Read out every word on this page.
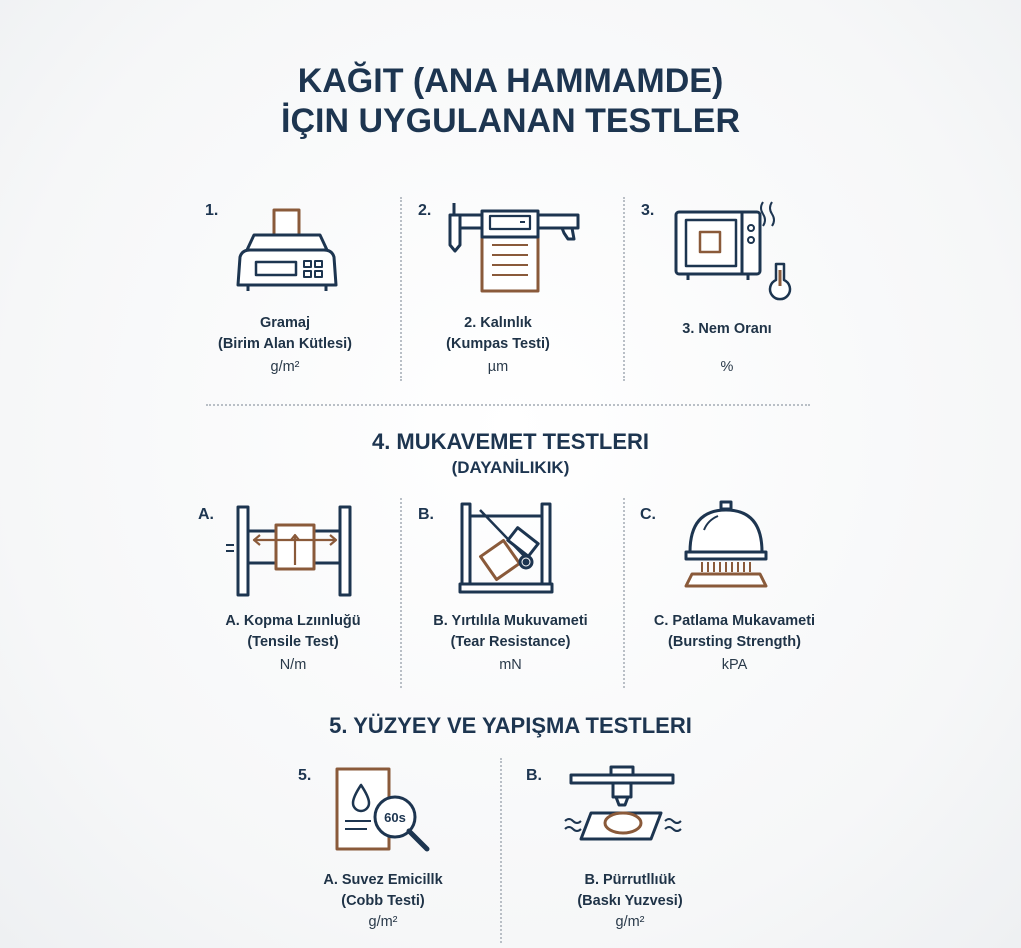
KAĞIT (ANA HAMMAMDE)
İÇIN UYGULANAN TESTLER
1.
Gramaj
(Birim Alan Kütlesi)
g/m²
2.
2. Kalınlık
(Kumpas Testi)
µm
3.
3. Nem Oranı
%
4. MUKAVEMET TESTLERI
(DAYANİLIKIK)
A.
A. Kopma Lzıınluğü
(Tensile Test)
N/m
B.
B. Yırtılıla Mukuvameti
(Tear Resistance)
mN
C.
C. Patlama Mukavameti
(Bursting Strength)
kPA
5. YÜZYEY VE YAPIŞMA TESTLERI
5.
60s
A. Suvez Emicillk
(Cobb Testi)
g/m²
B.
B. Pürrutllıük
(Baskı Yuzvesi)
g/m²
